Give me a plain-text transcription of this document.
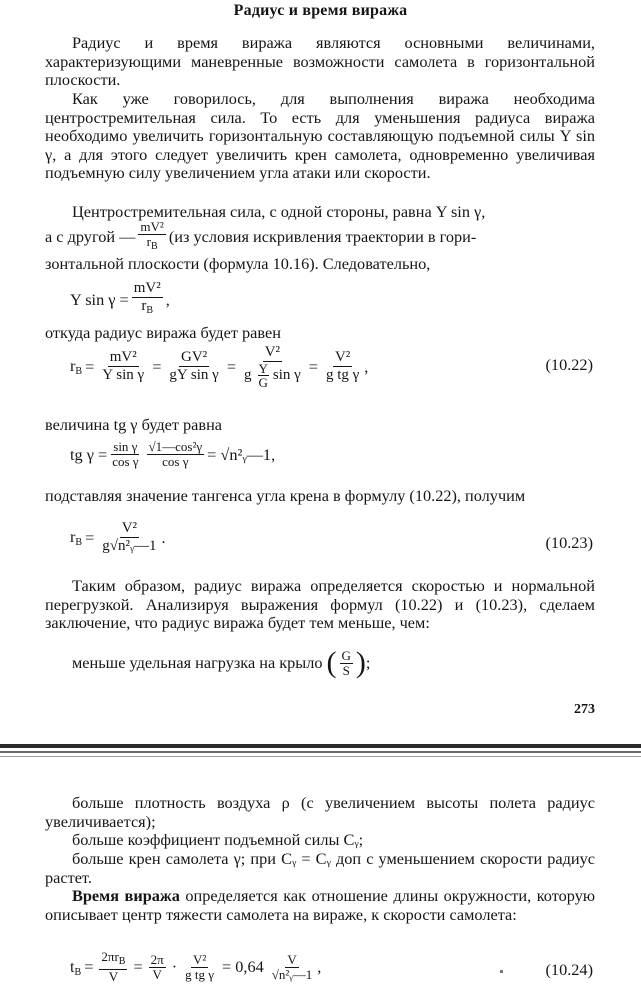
Радиус и время виража

Радиус и время виража являются основными величинами, характеризующими маневренные возможности самолета в горизонтальной плоскости.

Как уже говорилось, для выполнения виража необходима центростремительная сила. То есть для уменьшения радиуса виража необходимо увеличить горизонтальную составляющую подъемной силы Y sin γ, а для этого следует увеличить крен самолета, одновременно увеличивая подъемную силу увеличением угла атаки или скорости.

Центростремительная сила, с одной стороны, равна Y sin γ,
а с другой — $\frac{\text{mV²}}{r_В} (из$ условия искривления траектории в гори-
зонтальной плоскости (формула 10.16). Следовательно,
Y $\sin \gamma = \frac{\text{mV²}}{r_В}$ ,
откуда радиус виража будет равен
$r_В = \frac{\text{mV²}}{\text{Y sin γ}} = \frac{\text{GV²}}{\text{gY sin γ}} = \frac{\text{V²}}{g \frac{Y}{G} \sin \gamma} = \frac{\text{V²}}{\text{g tg γ}}$ ,	(10.22)
величина tg γ будет равна
tg $\gamma = \frac{\text{sin γ}}{\text{cos γ}} \frac{\text{√1—cos²γ}}{\text{cos γ}}$ = √n²ᵧ—1,

подставляя значение тангенса угла крена в формулу (10.22), получим

$r_В = \frac{\text{V²}}{\text{g√n²ᵧ—1}}$ .	(10.23)

Таким образом, радиус виража определяется скоростью и нормальной перегрузкой. Анализируя выражения формул (10.22) и (10.23), сделаем заключение, что радиус виража будет тем меньше, чем:

меньше удельная нагрузка на крыло ( $\frac{G}{S}$ ) ;
273

больше плотность воздуха ρ (с увеличением высоты полета радиус увеличивается);

больше коэффициент подъемной силы Cᵧ;

больше крен самолета γ; при Cᵧ = Cᵧ доп с уменьшением скорости радиус растет.

Время виража определяется как отношение длины окружности, которую описывает центр тяжести самолета на вираже, к скорости самолета:

$t_В = \frac{2\pi r_В}{V} = \frac{2\pi}{V} \cdot \frac{\text{V²}}{\text{g tg γ}} = 0,64 \frac{V}{\text{√n²ᵧ—1}}$ ,	(10.24)
